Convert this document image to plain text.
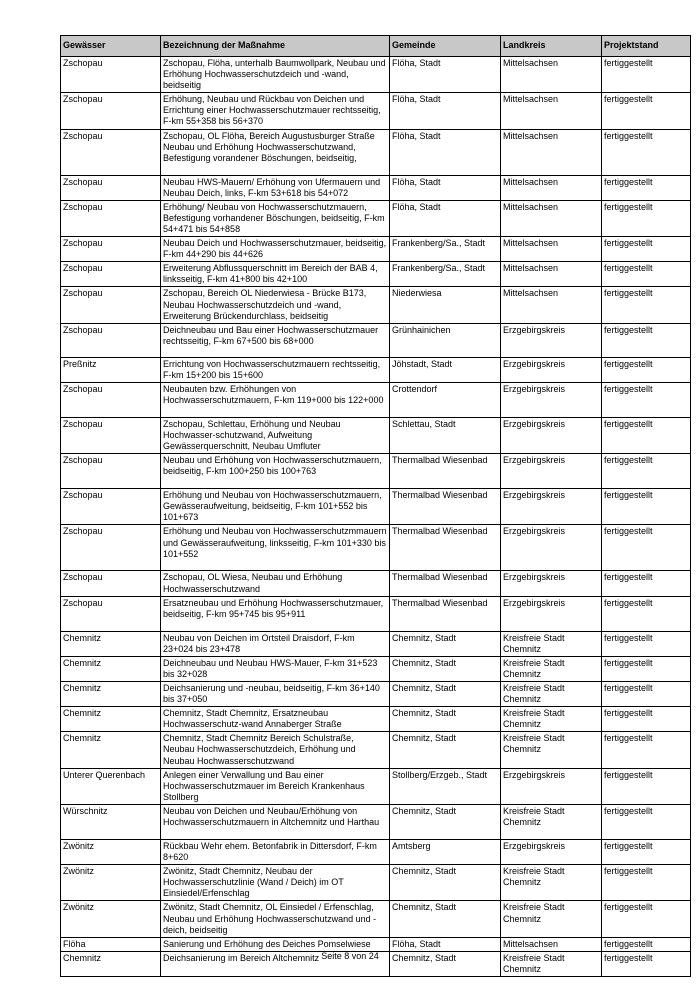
Gewässer	Bezeichnung der Maßnahme	Gemeinde	Landkreis	Projektstand
Zschopau	Zschopau, Flöha, unterhalb Baumwollpark, Neubau und Erhöhung Hochwasserschutzdeich und -wand, beidseitig	Flöha, Stadt	Mittelsachsen	fertiggestellt
Zschopau	Erhöhung, Neubau und Rückbau von Deichen und Errichtung einer Hochwasserschutzmauer rechtsseitig, F-km 55+358 bis 56+370	Flöha, Stadt	Mittelsachsen	fertiggestellt
Zschopau	Zschopau, OL Flöha, Bereich Augustusburger Straße Neubau und Erhöhung Hochwasserschutzwand, Befestigung vorandener Böschungen, beidseitig,	Flöha, Stadt	Mittelsachsen	fertiggestellt
Zschopau	Neubau HWS-Mauern/ Erhöhung von Ufermauern und Neubau Deich, links, F-km 53+618 bis 54+072	Flöha, Stadt	Mittelsachsen	fertiggestellt
Zschopau	Erhöhung/ Neubau von Hochwasserschutzmauern, Befestigung vorhandener Böschungen, beidseitig, F-km 54+471 bis 54+858	Flöha, Stadt	Mittelsachsen	fertiggestellt
Zschopau	Neubau Deich und Hochwasserschutzmauer, beidseitig, F-km 44+290 bis 44+626	Frankenberg/Sa., Stadt	Mittelsachsen	fertiggestellt
Zschopau	Erweiterung Abflussquerschnitt im Bereich der BAB 4, linksseitig, F-km 41+800 bis 42+100	Frankenberg/Sa., Stadt	Mittelsachsen	fertiggestellt
Zschopau	Zschopau, Bereich OL Niederwiesa - Brücke B173, Neubau Hochwasserschutzdeich und -wand, Erweiterung Brückendurchlass, beidseitig	Niederwiesa	Mittelsachsen	fertiggestellt
Zschopau	Deichneubau und Bau einer Hochwasserschutzmauer rechtsseitig, F-km 67+500 bis 68+000	Grünhainichen	Erzgebirgskreis	fertiggestellt
Preßnitz	Errichtung von Hochwasserschutzmauern rechtsseitig, F-km 15+200 bis 15+600	Jöhstadt, Stadt	Erzgebirgskreis	fertiggestellt
Zschopau	Neubauten bzw. Erhöhungen von Hochwasserschutzmauern, F-km 119+000 bis 122+000	Crottendorf	Erzgebirgskreis	fertiggestellt
Zschopau	Zschopau, Schlettau, Erhöhung und Neubau Hochwasser-schutzwand, Aufweitung Gewässerquerschnitt, Neubau Umfluter	Schlettau, Stadt	Erzgebirgskreis	fertiggestellt
Zschopau	Neubau und Erhöhung von Hochwasserschutzmauern, beidseitig, F-km 100+250 bis 100+763	Thermalbad Wiesenbad	Erzgebirgskreis	fertiggestellt
Zschopau	Erhöhung und Neubau von Hochwasserschutzmauern, Gewässeraufweitung, beidseitig, F-km 101+552 bis 101+673	Thermalbad Wiesenbad	Erzgebirgskreis	fertiggestellt
Zschopau	Erhöhung und Neubau von Hochwasserschutzmmauern und Gewässeraufweitung, linksseitig, F-km 101+330 bis 101+552	Thermalbad Wiesenbad	Erzgebirgskreis	fertiggestellt
Zschopau	Zschopau, OL Wiesa, Neubau und Erhöhung Hochwasserschutzwand	Thermalbad Wiesenbad	Erzgebirgskreis	fertiggestellt
Zschopau	Ersatzneubau und Erhöhung Hochwasserschutzmauer, beidseitig, F-km 95+745 bis 95+911	Thermalbad Wiesenbad	Erzgebirgskreis	fertiggestellt
Chemnitz	Neubau von Deichen im Ortsteil Draisdorf, F-km 23+024 bis 23+478	Chemnitz, Stadt	Kreisfreie Stadt Chemnitz	fertiggestellt
Chemnitz	Deichneubau und Neubau HWS-Mauer, F-km 31+523 bis 32+028	Chemnitz, Stadt	Kreisfreie Stadt Chemnitz	fertiggestellt
Chemnitz	Deichsanierung und -neubau, beidseitig, F-km 36+140 bis 37+050	Chemnitz, Stadt	Kreisfreie Stadt Chemnitz	fertiggestellt
Chemnitz	Chemnitz, Stadt Chemnitz, Ersatzneubau Hochwasserschutz-wand Annaberger Straße	Chemnitz, Stadt	Kreisfreie Stadt Chemnitz	fertiggestellt
Chemnitz	Chemnitz, Stadt Chemnitz Bereich Schulstraße, Neubau Hochwasserschutzdeich, Erhöhung und Neubau Hochwasserschutzwand	Chemnitz, Stadt	Kreisfreie Stadt Chemnitz	fertiggestellt
Unterer Querenbach	Anlegen einer Verwallung und Bau einer Hochwasserschutzmauer im Bereich Krankenhaus Stollberg	Stollberg/Erzgeb., Stadt	Erzgebirgskreis	fertiggestellt
Würschnitz	Neubau von Deichen und Neubau/Erhöhung von Hochwasserschutzmauern in Altchemnitz und Harthau	Chemnitz, Stadt	Kreisfreie Stadt Chemnitz	fertiggestellt
Zwönitz	Rückbau Wehr ehem. Betonfabrik in Dittersdorf, F-km 8+620	Amtsberg	Erzgebirgskreis	fertiggestellt
Zwönitz	Zwönitz, Stadt Chemnitz, Neubau der Hochwasserschutzlinie (Wand / Deich) im OT Einsiedel/Erfenschlag	Chemnitz, Stadt	Kreisfreie Stadt Chemnitz	fertiggestellt
Zwönitz	Zwönitz, Stadt Chemnitz, OL Einsiedel / Erfenschlag, Neubau und Erhöhung Hochwasserschutzwand und -deich, beidseitig	Chemnitz, Stadt	Kreisfreie Stadt Chemnitz	fertiggestellt
Flöha	Sanierung und Erhöhung des Deiches Pomselwiese	Flöha, Stadt	Mittelsachsen	fertiggestellt
Chemnitz	Deichsanierung im Bereich Altchemnitz	Chemnitz, Stadt	Kreisfreie Stadt Chemnitz	fertiggestellt
Seite 8 von 24
